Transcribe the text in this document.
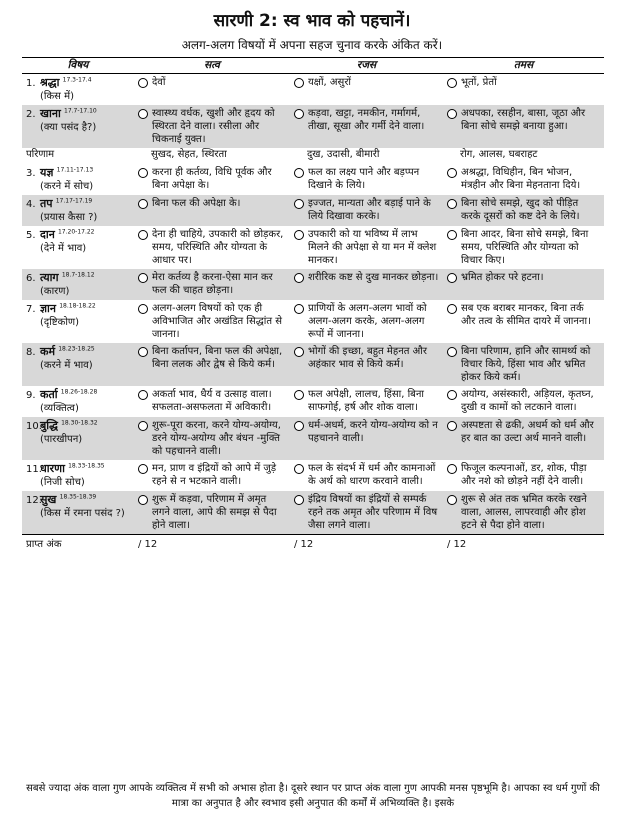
सारणी 2: स्व भाव को पहचानें।
अलग-अलग विषयों में अपना सहज चुनाव करके अंकित करें।
विषय	सत्व	रजस	तमस

1. श्रद्धा $^{17.3-17.4}$
(किस में)	देवों	यक्षों, असुरों	भूतों, प्रेतों

2. खाना $^{17.7-17.10}$
(क्या पसंद है?)	स्वास्थ्य वर्धक, खुशी और हृदय को स्थिरता देने वाला। रसीला और चिकनाई युक्त।	कड़वा, खट्टा, नमकीन, गर्मागर्म, तीखा, सूखा और गर्मी देने वाला।	अधपका, रसहीन, बासा, जूठा और बिना सोचे समझे बनाया हुआ।

परिणाम	सुखद, सेहत, स्थिरता	दुख, उदासी, बीमारी	रोग, आलस, घबराहट

3. यज्ञ $^{17.11-17.13}$
(करने में सोच)	करना ही कर्तव्य, विधि पूर्वक और बिना अपेक्षा के।	फल का लक्ष्य पाने और बड़प्पन दिखाने के लिये।	अश्रद्धा, विधिहीन, बिन भोजन, मंत्रहीन और बिना मेहनताना दिये।

4. तप $^{17.17-17.19}$
(प्रयास कैसा ?)	बिना फल की अपेक्षा के।	इज्जत, मान्यता और बड़ाई पाने के लिये दिखावा करके।	बिना सोचे समझे, खुद को पीड़ित करके दूसरों को कष्ट देने के लिये।

5. दान $^{17.20-17.22}$
(देने में भाव)	देना ही चाहिये, उपकारी को छोड़कर, समय, परिस्थिति और योग्यता के आधार पर।	उपकारी को या भविष्य में लाभ मिलने की अपेक्षा से या मन में क्लेश मानकर।	बिना आदर, बिना सोचे समझे, बिना समय, परिस्थिति और योग्यता को विचार किए।

6. त्याग $^{18.7-18.12}$
(कारण)	मेरा कर्तव्य है करना-ऐसा मान कर फल की चाहत छोड़ना।	शरीरिक कष्ट से दुख मानकर छोड़ना।	भ्रमित होकर परे हटना।

7. ज्ञान $^{18.18-18.22}$
(दृष्टिकोण)	अलग-अलग विषयों को एक ही अविभाजित और अखंडित सिद्धांत से जानना।	प्राणियों के अलग-अलग भावों को अलग-अलग करके, अलग-अलग रूपों में जानना।	सब एक बराबर मानकर, बिना तर्क और तत्व के सीमित दायरे में जानना।

8. कर्म $^{18.23-18.25}$
(करने में भाव)	बिना कर्तापन, बिना फल की अपेक्षा, बिना ललक और द्वेष से किये कर्म।	भोगों की इच्छा, बहुत मेहनत और अहंकार भाव से किये कर्म।	बिना परिणाम, हानि और सामर्थ्य को विचार किये, हिंसा भाव और भ्रमित होकर किये कर्म।

9. कर्ता $^{18.26-18.28}$
(व्यक्तित्व)	अकर्ता भाव, धैर्य व उत्साह वाला। सफलता-असफलता में अविकारी।	फल अपेक्षी, लालच, हिंसा, बिना साफगोई, हर्ष और शोक वाला।	अयोग्य, असंस्कारी, अड़ियल, कृतघ्न, दुखी व कामों को लटकाने वाला।

10.बुद्धि $^{18.30-18.32}$
(पारखीपन)	शुरू-पूरा करना, करने योग्य-अयोग्य, डरने योग्य-अयोग्य और बंधन -मुक्ति को पहचानने वाली।	धर्म-अधर्म, करने योग्य-अयोग्य को न पहचानने वाली।	अस्पष्टता से ढकी, अधर्म को धर्म और हर बात का उल्टा अर्थ मानने वाली।

11.धारणा $^{18.33-18.35}$
(निजी सोच)	मन, प्राण व इंद्रियों को आपे में जुड़े रहने से न भटकाने वाली।	फल के संदर्भ में धर्म और कामनाओं के अर्थ को धारण करवाने वाली।	फिजूल कल्पनाओं, डर, शोक, पीड़ा और नशे को छोड़ने नहीं देने वाली।

12.सुख $^{18.35-18.39}$
(किस में रमना पसंद ?)	शुरू में कड़वा, परिणाम में अमृत लगने वाला, आपे की समझ से पैदा होने वाला।	इंद्रिय विषयों का इंद्रियों से सम्पर्क रहने तक अमृत और परिणाम में विष जैसा लगने वाला।	शुरू से अंत तक भ्रमित करके रखने वाला, आलस, लापरवाही और होश हटने से पैदा होने वाला।

प्राप्त अंक	/ 12	/ 12	/ 12
सबसे ज्यादा अंक वाला गुण आपके व्यक्तित्व में सभी को अभास होता है। दूसरे स्थान पर प्राप्त अंक वाला गुण आपकी मनस पृष्ठभूमि है। आपका स्व धर्म गुणों की मात्रा का अनुपात है और स्वभाव इसी अनुपात की कर्मों में अभिव्यक्ति है। इसके
